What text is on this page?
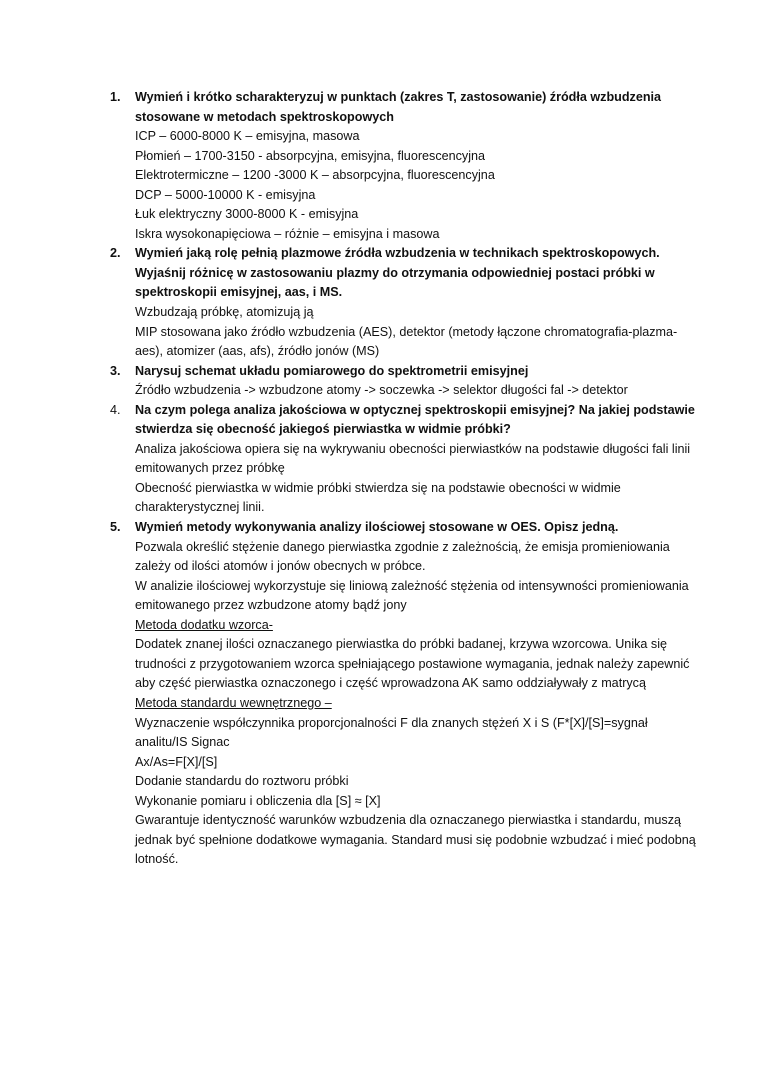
1.	Wymień i krótko scharakteryzuj w punktach (zakres T, zastosowanie) źródła wzbudzenia stosowane w metodach spektroskopowych
ICP – 6000-8000 K – emisyjna, masowa
Płomień – 1700-3150 - absorpcyjna, emisyjna, fluorescencyjna
Elektrotermiczne – 1200 -3000 K – absorpcyjna, fluorescencyjna
DCP – 5000-10000 K - emisyjna
Łuk elektryczny 3000-8000 K - emisyjna
Iskra wysokonapięciowa – różnie – emisyjna i masowa
2.	Wymień jaką rolę pełnią plazmowe źródła wzbudzenia w technikach spektroskopowych. Wyjaśnij różnicę w zastosowaniu plazmy do otrzymania odpowiedniej postaci próbki w spektroskopii emisyjnej, aas, i MS.
Wzbudzają próbkę, atomizują ją
MIP stosowana jako źródło wzbudzenia (AES), detektor (metody łączone chromatografia-plazma-aes), atomizer (aas, afs), źródło jonów (MS)
3.	Narysuj schemat układu pomiarowego do spektrometrii emisyjnej
Źródło wzbudzenia -> wzbudzone atomy -> soczewka -> selektor długości fal -> detektor
4.	Na czym polega analiza jakościowa w optycznej spektroskopii emisyjnej? Na jakiej podstawie stwierdza się obecność jakiegoś pierwiastka w widmie próbki?
Analiza jakościowa opiera się na wykrywaniu obecności pierwiastków na podstawie długości fali linii emitowanych przez próbkę
Obecność pierwiastka w widmie próbki stwierdza się na podstawie obecności w widmie charakterystycznej linii.
5.	Wymień metody wykonywania analizy ilościowej stosowane w OES. Opisz jedną.
Pozwala określić stężenie danego pierwiastka zgodnie z zależnością, że emisja promieniowania zależy od ilości atomów i jonów obecnych w próbce.
W analizie ilościowej wykorzystuje się liniową zależność stężenia od intensywności promieniowania emitowanego przez wzbudzone atomy bądź jony
Metoda dodatku wzorca-
Dodatek znanej ilości oznaczanego pierwiastka do próbki badanej, krzywa wzorcowa. Unika się trudności z przygotowaniem wzorca spełniającego postawione wymagania, jednak należy zapewnić aby część pierwiastka oznaczonego i część wprowadzona AK samo oddziaływały z matrycą
Metoda standardu wewnętrznego –
Wyznaczenie współczynnika proporcjonalności F dla znanych stężeń X i S (F*[X]/[S]=sygnał analitu/IS Signac
Ax/As=F[X]/[S]
Dodanie standardu do roztworu próbki
Wykonanie pomiaru i obliczenia dla [S] ≈ [X]
Gwarantuje identyczność warunków wzbudzenia dla oznaczanego pierwiastka i standardu, muszą jednak być spełnione dodatkowe wymagania. Standard musi się podobnie wzbudzać i mieć podobną lotność.
